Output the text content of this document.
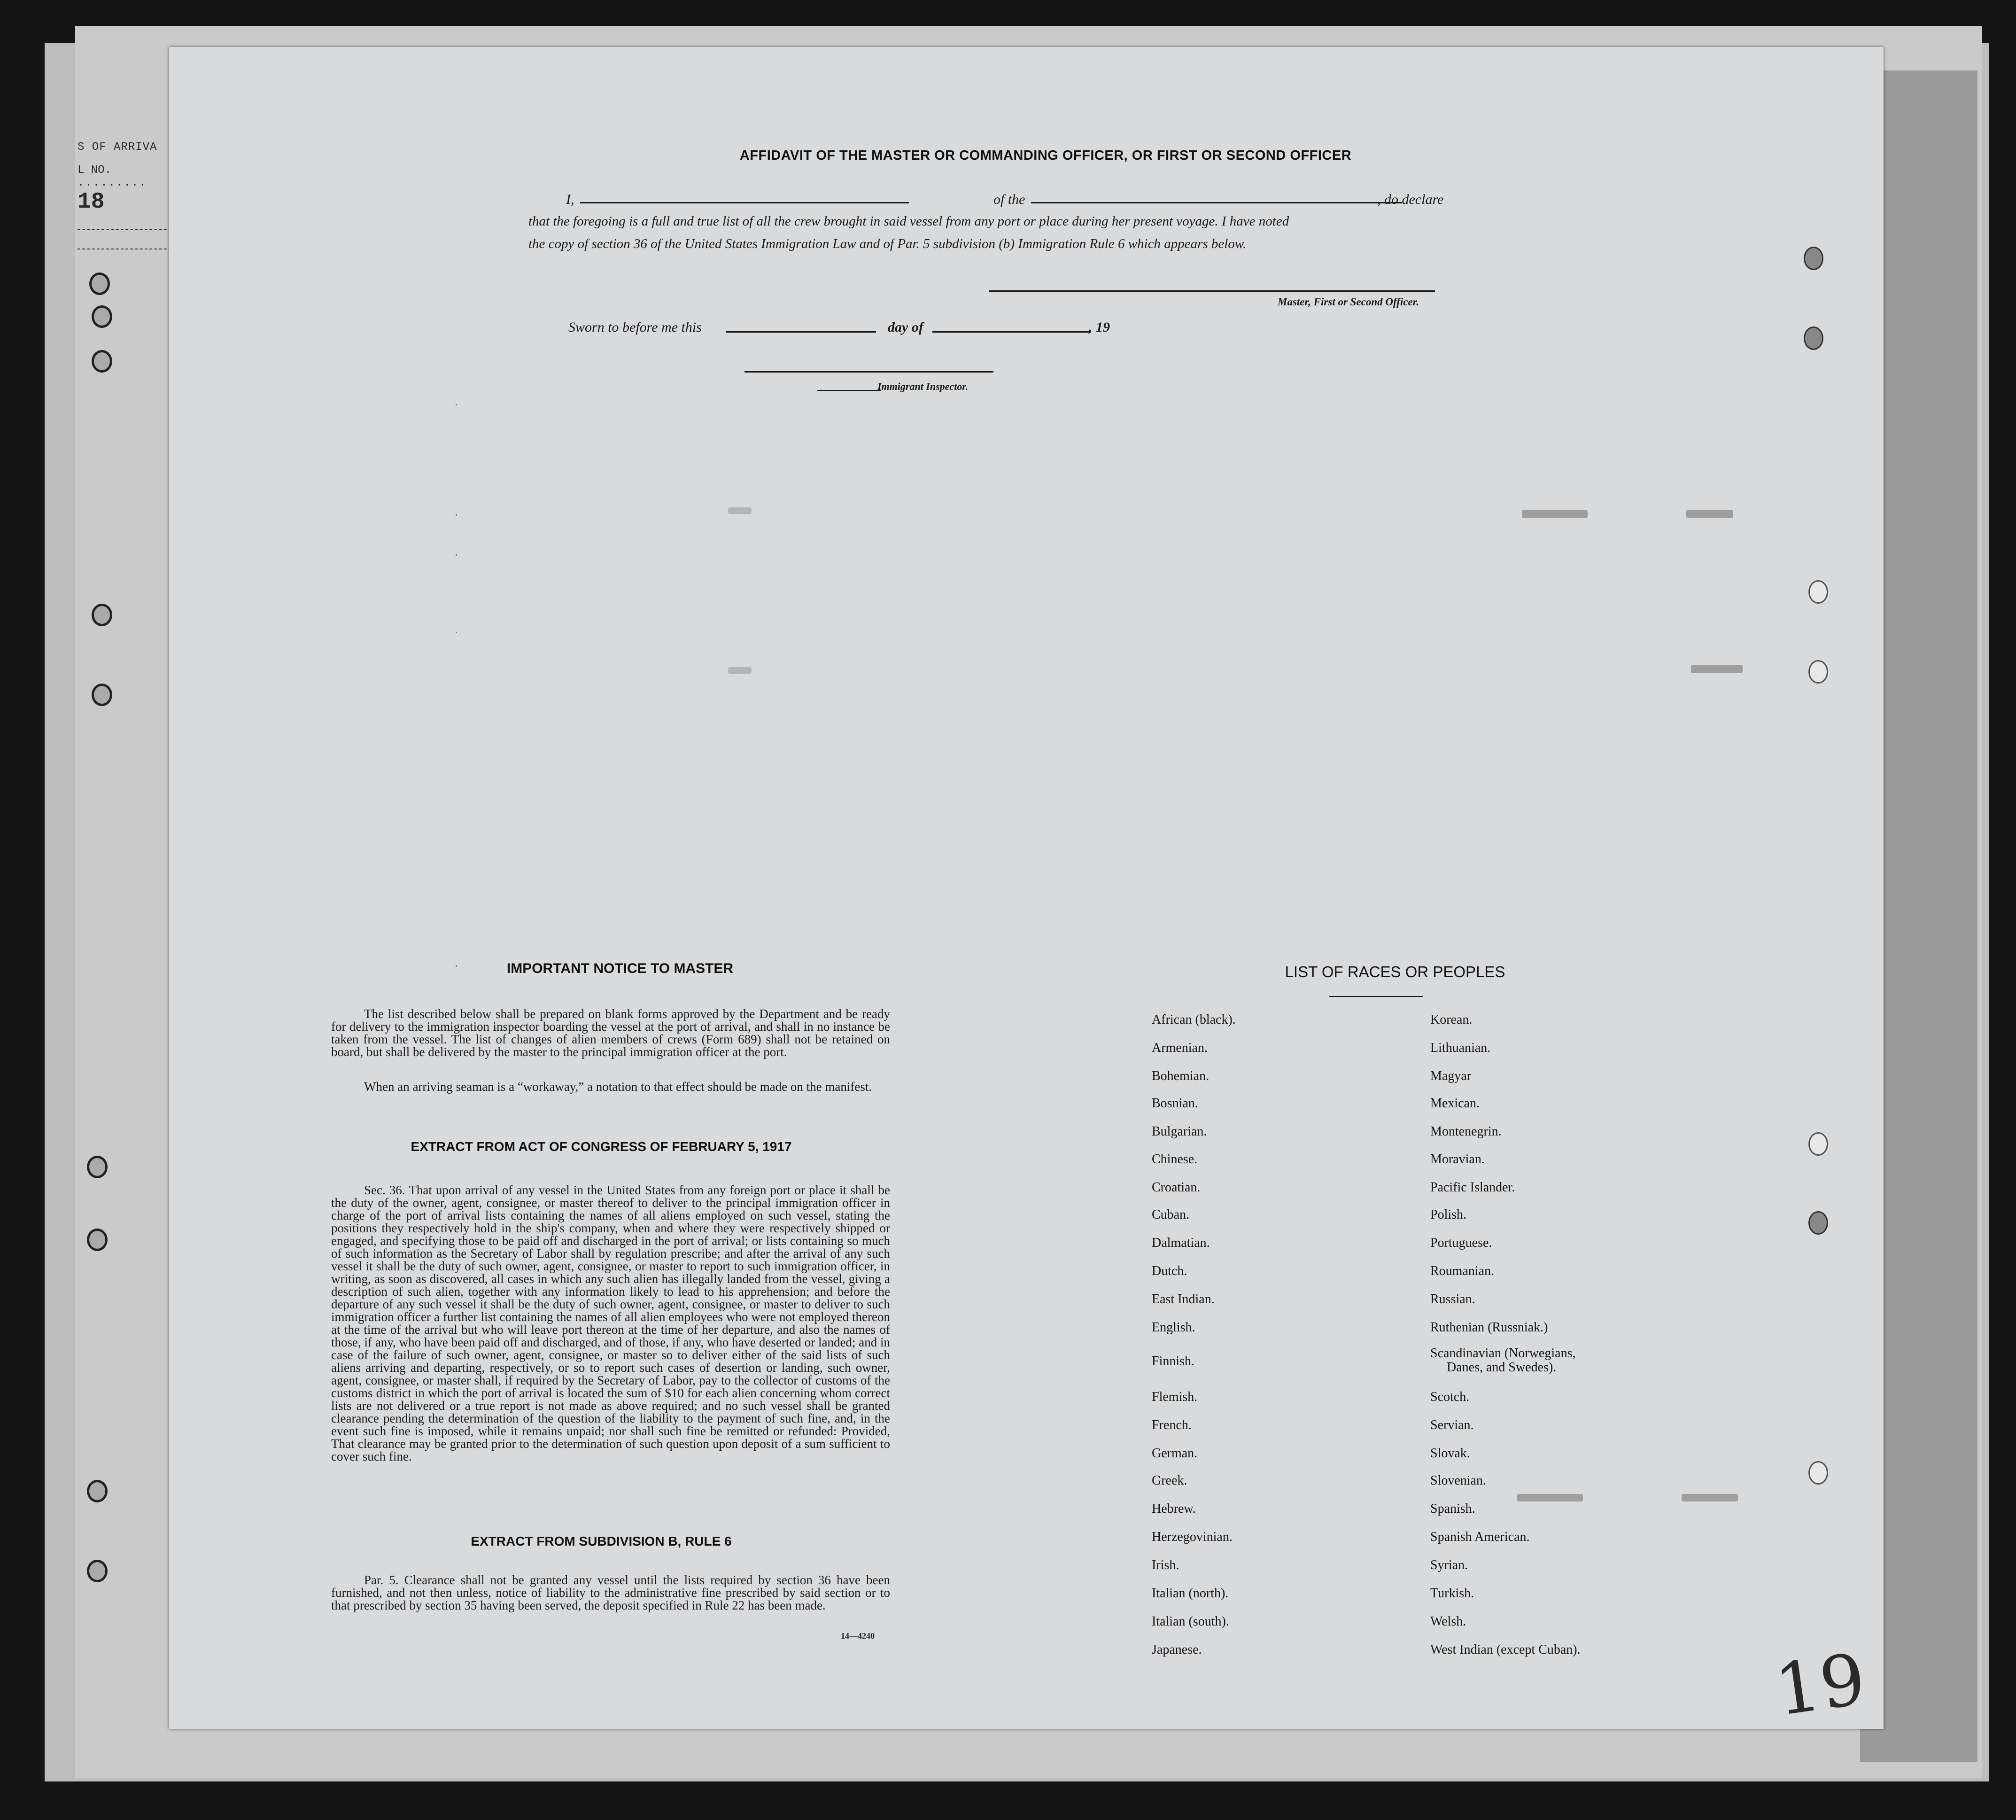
S OF ARRIVA
L NO. ......... 18
AFFIDAVIT OF THE MASTER OR COMMANDING OFFICER, OR FIRST OR SECOND OFFICER
I,	of the	, do declare
that the foregoing is a full and true list of all the crew brought in said vessel from any port or place during her present voyage. I have noted
the copy of section 36 of the United States Immigration Law and of Par. 5 subdivision (b) Immigration Rule 6 which appears below.
Master, First or Second Officer.
Sworn to before me this	day of	, 19
Immigrant Inspector.
IMPORTANT NOTICE TO MASTER
The list described below shall be prepared on blank forms approved by the Department and be ready for delivery to the immigration inspector boarding the vessel at the port of arrival, and shall in no instance be taken from the vessel. The list of changes of alien members of crews (Form 689) shall not be retained on board, but shall be delivered by the master to the principal immigration officer at the port.
When an arriving seaman is a “workaway,” a notation to that effect should be made on the manifest.
EXTRACT FROM ACT OF CONGRESS OF FEBRUARY 5, 1917
Sec. 36. That upon arrival of any vessel in the United States from any foreign port or place it shall be the duty of the owner, agent, consignee, or master thereof to deliver to the principal immigration officer in charge of the port of arrival lists containing the names of all aliens employed on such vessel, stating the positions they respectively hold in the ship's company, when and where they were respectively shipped or engaged, and specifying those to be paid off and discharged in the port of arrival; or lists containing so much of such information as the Secretary of Labor shall by regulation prescribe; and after the arrival of any such vessel it shall be the duty of such owner, agent, consignee, or master to report to such immigration officer, in writing, as soon as discovered, all cases in which any such alien has illegally landed from the vessel, giving a description of such alien, together with any information likely to lead to his apprehension; and before the departure of any such vessel it shall be the duty of such owner, agent, consignee, or master to deliver to such immigration officer a further list containing the names of all alien employees who were not employed thereon at the time of the arrival but who will leave port thereon at the time of her departure, and also the names of those, if any, who have been paid off and discharged, and of those, if any, who have deserted or landed; and in case of the failure of such owner, agent, consignee, or master so to deliver either of the said lists of such aliens arriving and departing, respectively, or so to report such cases of desertion or landing, such owner, agent, consignee, or master shall, if required by the Secretary of Labor, pay to the collector of customs of the customs district in which the port of arrival is located the sum of $10 for each alien concerning whom correct lists are not delivered or a true report is not made as above required; and no such vessel shall be granted clearance pending the determination of the question of the liability to the payment of such fine, and, in the event such fine is imposed, while it remains unpaid; nor shall such fine be remitted or refunded: Provided, That clearance may be granted prior to the determination of such question upon deposit of a sum sufficient to cover such fine.
EXTRACT FROM SUBDIVISION B, RULE 6
Par. 5. Clearance shall not be granted any vessel until the lists required by section 36 have been furnished, and not then unless, notice of liability to the administrative fine prescribed by said section or to that prescribed by section 35 having been served, the deposit specified in Rule 22 has been made.
14—4240
LIST OF RACES OR PEOPLES
.
.
.
.
.
19
African (black).
Armenian.
Bohemian.
Bosnian.
Bulgarian.
Chinese.
Croatian.
Cuban.
Dalmatian.
Dutch.
East Indian.
English.
Finnish.
Flemish.
French.
German.
Greek.
Hebrew.
Herzegovinian.
Irish.
Italian (north).
Italian (south).
Japanese.
Korean.
Lithuanian.
Magyar
Mexican.
Montenegrin.
Moravian.
Pacific Islander.
Polish.
Portuguese.
Roumanian.
Russian.
Ruthenian (Russniak.)
Scandinavian (Norwegians,
Danes, and Swedes).
Scotch.
Servian.
Slovak.
Slovenian.
Spanish.
Spanish American.
Syrian.
Turkish.
Welsh.
West Indian (except Cuban).
